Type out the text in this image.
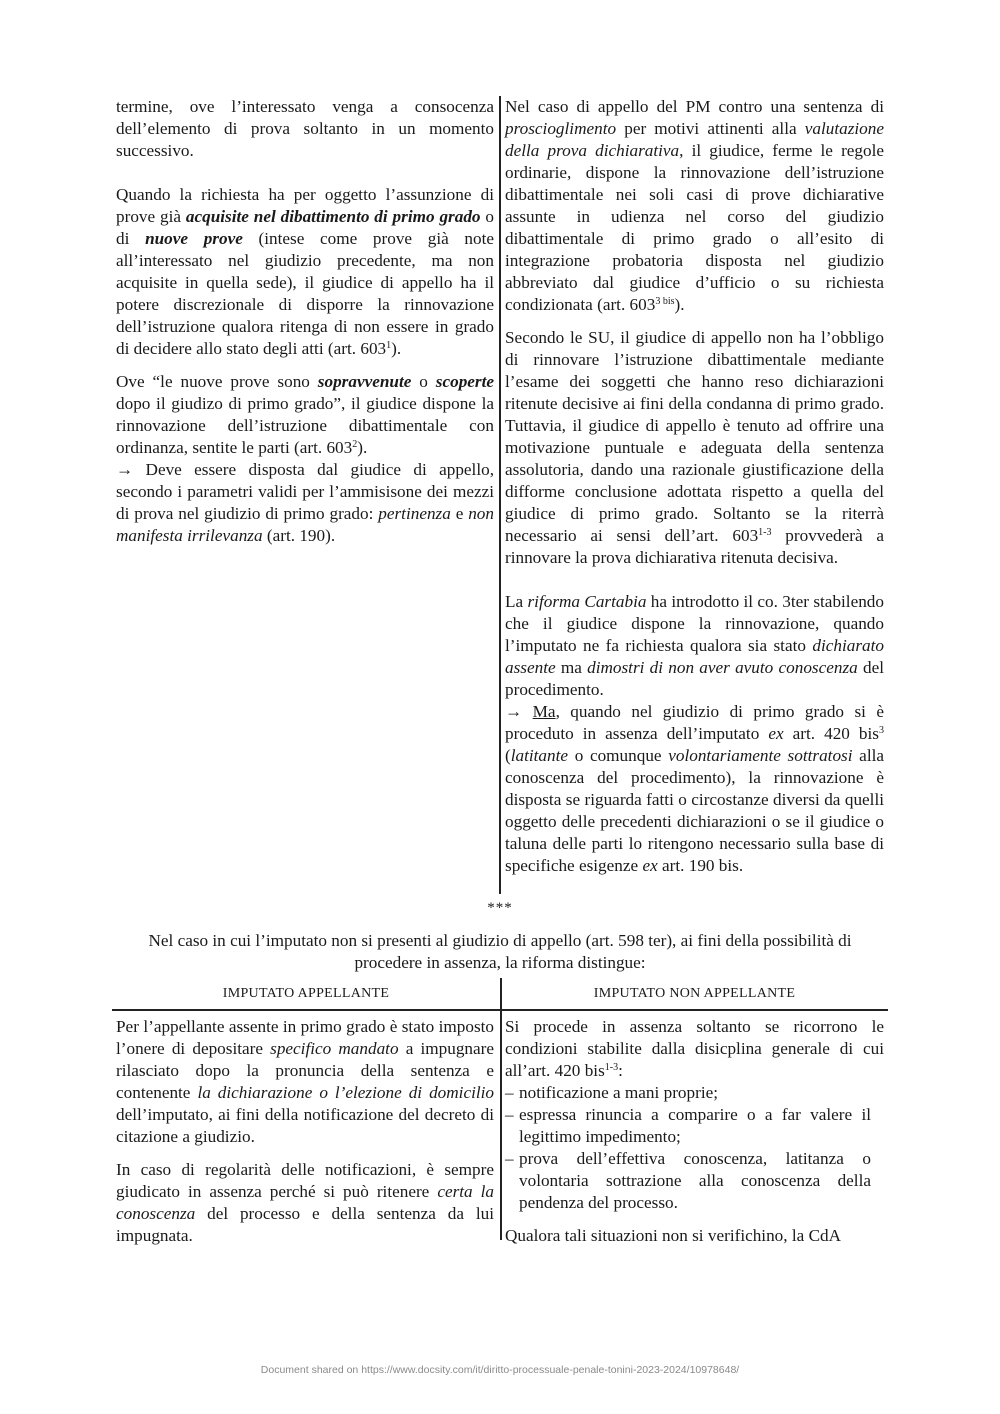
termine, ove l’interessato venga a consocenza dell’elemento di prova soltanto in un momento successivo.

Quando la richiesta ha per oggetto l’assunzione di prove già acquisite nel dibattimento di primo grado o di nuove prove (intese come prove già note all’interessato nel giudizio precedente, ma non acquisite in quella sede), il giudice di appello ha il potere discrezionale di disporre la rinnovazione dell’istruzione qualora ritenga di non essere in grado di decidere allo stato degli atti (art. $603^1$).

Ove “le nuove prove sono sopravvenute o scoperte dopo il giudizo di primo grado”, il giudice dispone la rinnovazione dell’istruzione dibattimentale con ordinanza, sentite le parti (art. $603^2$).

→ Deve essere disposta dal giudice di appello, secondo i parametri validi per l’ammisisone dei mezzi di prova nel giudizio di primo grado: pertinenza e non manifesta irrilevanza (art. 190).

Nel caso di appello del PM contro una sentenza di proscioglimento per motivi attinenti alla valutazione della prova dichiarativa, il giudice, ferme le regole ordinarie, dispone la rinnovazione dell’istruzione dibattimentale nei soli casi di prove dichiarative assunte in udienza nel corso del giudizio dibattimentale di primo grado o all’esito di integrazione probatoria disposta nel giudizio abbreviato dal giudice d’ufficio o su richiesta condizionata (art. $603^{3 bis}$).

Secondo le SU, il giudice di appello non ha l’obbligo di rinnovare l’istruzione dibattimentale mediante l’esame dei soggetti che hanno reso dichiarazioni ritenute decisive ai fini della condanna di primo grado. Tuttavia, il giudice di appello è tenuto ad offrire una motivazione puntuale e adeguata della sentenza assolutoria, dando una razionale giustificazione della difforme conclusione adottata rispetto a quella del giudice di primo grado. Soltanto se la riterrà necessario ai sensi dell’art. 603$^{1-3}$ provvederà a rinnovare la prova dichiarativa ritenuta decisiva.

La riforma Cartabia ha introdotto il co. 3ter stabilendo che il giudice dispone la rinnovazione, quando l’imputato ne fa richiesta qualora sia stato dichiarato assente ma dimostri di non aver avuto conoscenza del procedimento.

→ Ma, quando nel giudizio di primo grado si è proceduto in assenza dell’imputato ex art. 420 bis$^3$ (latitante o comunque volontariamente sottratosi alla conoscenza del procedimento), la rinnovazione è disposta se riguarda fatti o circostanze diversi da quelli oggetto delle precedenti dichiarazioni o se il giudice o taluna delle parti lo ritengono necessario sulla base di specifiche esigenze ex art. 190 bis.

***
Nel caso in cui l’imputato non si presenti al giudizio di appello (art. 598 ter), ai fini della possibilità di procedere in assenza, la riforma distingue:
IMPUTATO APPELLANTE	IMPUTATO NON APPELLANTE

Per l’appellante assente in primo grado è stato imposto l’onere di depositare specifico mandato a impugnare rilasciato dopo la pronuncia della sentenza e contenente la dichiarazione o l’elezione di domicilio dell’imputato, ai fini della notificazione del decreto di citazione a giudizio.

In caso di regolarità delle notificazioni, è sempre giudicato in assenza perché si può ritenere certa la conoscenza del processo e della sentenza da lui impugnata.

Si procede in assenza soltanto se ricorrono le condizioni stabilite dalla disicplina generale di cui all’art. 420 bis$^{1-3}$:

– notificazione a mani proprie;
– espressa rinuncia a comparire o a far valere il legittimo impedimento;
– prova dell’effettiva conoscenza, latitanza o volontaria sottrazione alla conoscenza della pendenza del processo.

Qualora tali situazioni non si verifichino, la CdA

Document shared on https://www.docsity.com/it/diritto-processuale-penale-tonini-2023-2024/10978648/
